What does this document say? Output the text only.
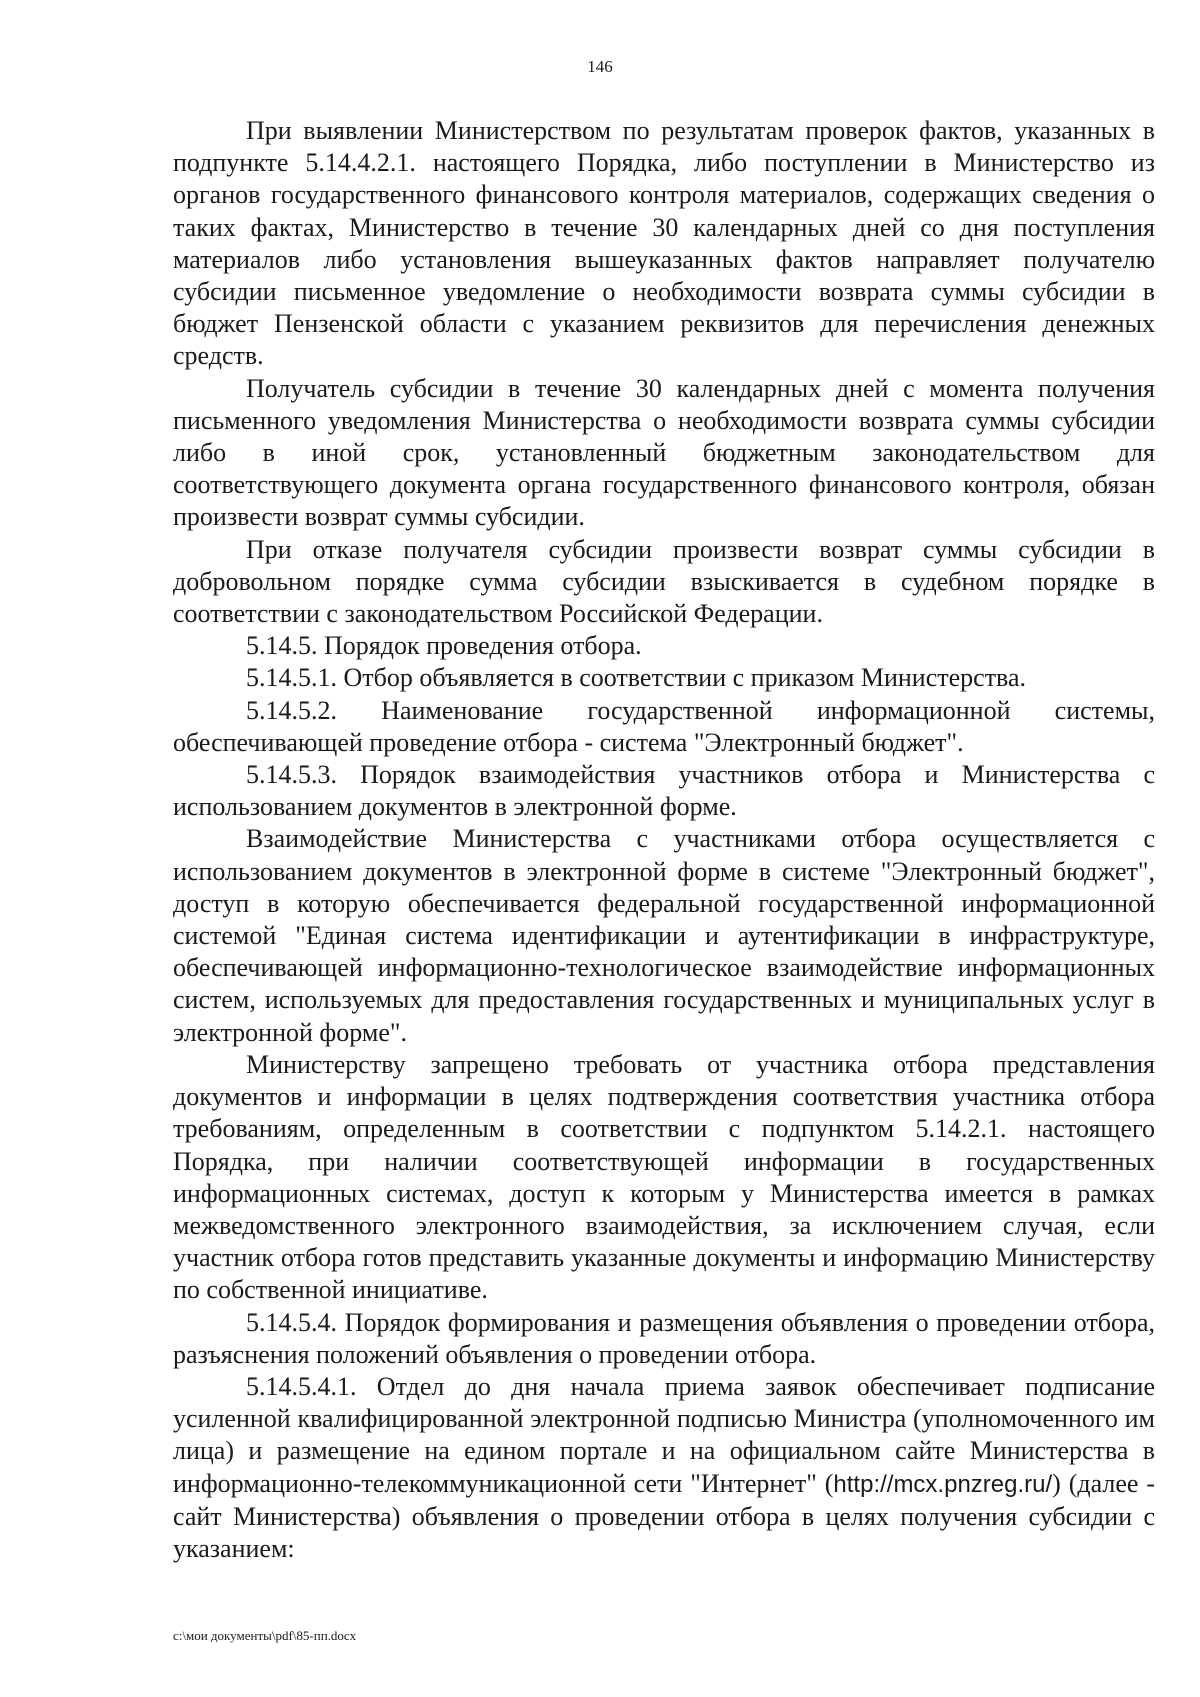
146

При выявлении Министерством по результатам проверок фактов, указанных в подпункте 5.14.4.2.1. настоящего Порядка, либо поступлении в Министерство из органов государственного финансового контроля материалов, содержащих сведения о таких фактах, Министерство в течение 30 календарных дней со дня поступления материалов либо установления вышеуказанных фактов направляет получателю субсидии письменное уведомление о необходимости возврата суммы субсидии в бюджет Пензенской области с указанием реквизитов для перечисления денежных средств.

Получатель субсидии в течение 30 календарных дней с момента получения письменного уведомления Министерства о необходимости возврата суммы субсидии либо в иной срок, установленный бюджетным законодательством для соответствующего документа органа государственного финансового контроля, обязан произвести возврат суммы субсидии.

При отказе получателя субсидии произвести возврат суммы субсидии в добровольном порядке сумма субсидии взыскивается в судебном порядке в соответствии с законодательством Российской Федерации.

5.14.5. Порядок проведения отбора.

5.14.5.1. Отбор объявляется в соответствии с приказом Министерства.

5.14.5.2. Наименование государственной информационной системы, обеспечивающей проведение отбора - система "Электронный бюджет".

5.14.5.3. Порядок взаимодействия участников отбора и Министерства с использованием документов в электронной форме.

Взаимодействие Министерства с участниками отбора осуществляется с использованием документов в электронной форме в системе "Электронный бюджет", доступ в которую обеспечивается федеральной государственной информационной системой "Единая система идентификации и аутентификации в инфраструктуре, обеспечивающей информационно-технологическое взаимодействие информационных систем, используемых для предоставления государственных и муниципальных услуг в электронной форме".

Министерству запрещено требовать от участника отбора представления документов и информации в целях подтверждения соответствия участника отбора требованиям, определенным в соответствии с подпунктом 5.14.2.1. настоящего Порядка, при наличии соответствующей информации в государственных информационных системах, доступ к которым у Министерства имеется в рамках межведомственного электронного взаимодействия, за исключением случая, если участник отбора готов представить указанные документы и информацию Министерству по собственной инициативе.

5.14.5.4. Порядок формирования и размещения объявления о проведении отбора, разъяснения положений объявления о проведении отбора.

5.14.5.4.1. Отдел до дня начала приема заявок обеспечивает подписание усиленной квалифицированной электронной подписью Министра (уполномоченного им лица) и размещение на едином портале и на официальном сайте Министерства в информационно-телекоммуникационной сети "Интернет" (http://mcx.pnzreg.ru/) (далее - сайт Министерства) объявления о проведении отбора в целях получения субсидии с указанием:

c:\мои документы\pdf\85-пп.docx
